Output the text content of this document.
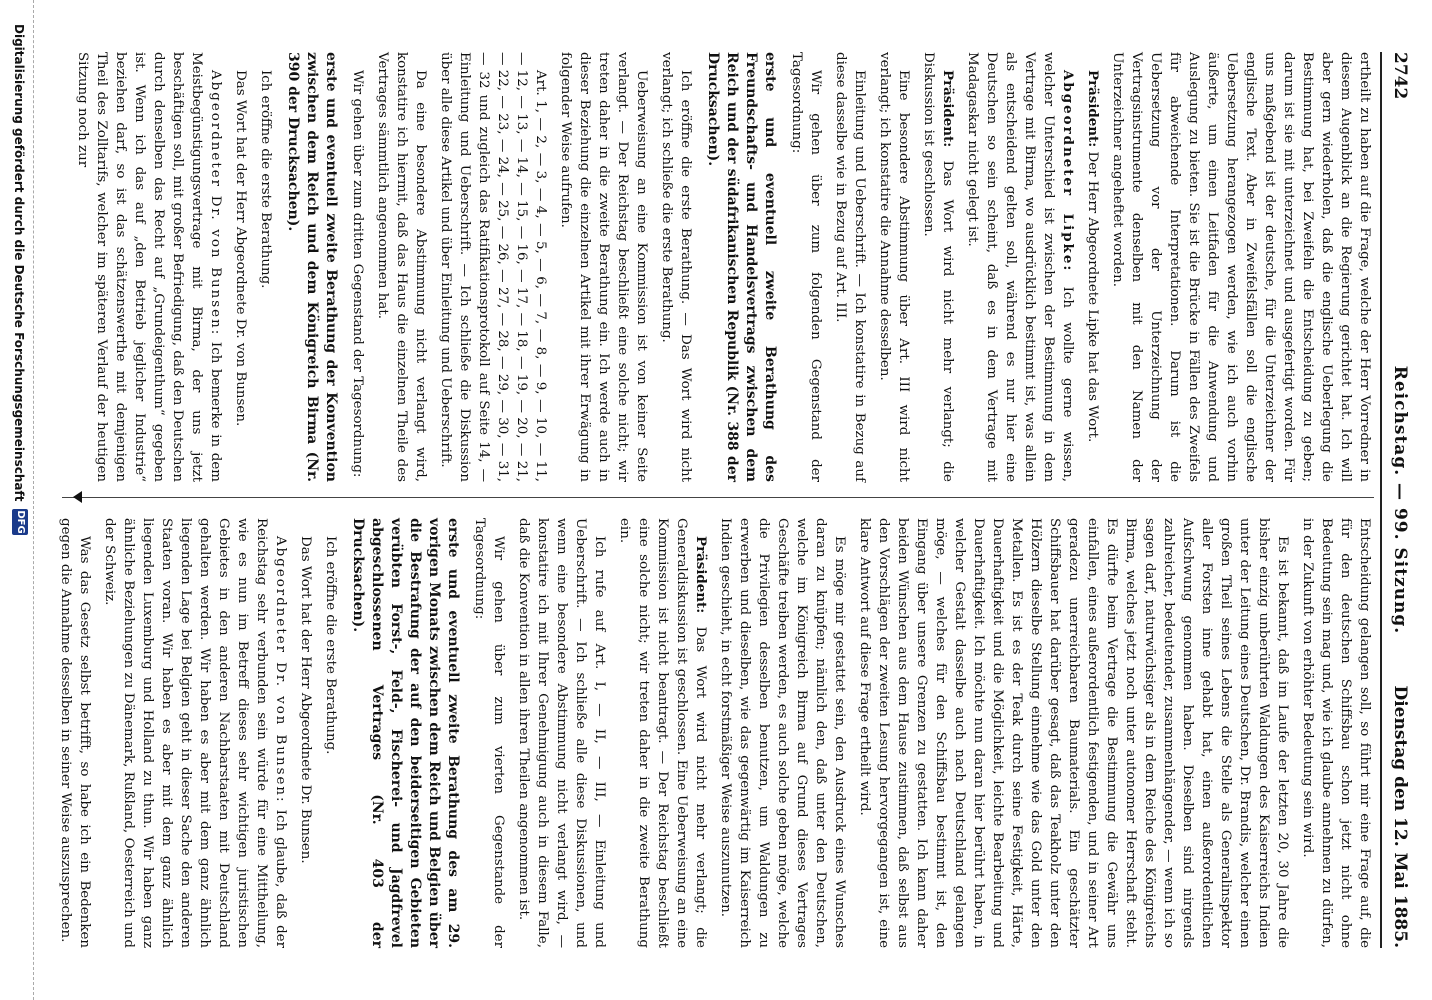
2742
Reichstag. — 99. Sitzung.
Dienstag den 12. Mai 1885.

ertheilt zu haben auf die Frage, welche der Herr Vorredner in diesem Augenblick an die Regierung gerichtet hat. Ich will aber gern wiederholen, daß die englische Ueberlegung die Bestimmung hat, bei Zweifeln die Entscheidung zu geben; darum ist sie mit unterzeichnet und ausgefertigt worden. Für uns maßgebend ist der deutsche, für die Unterzeichner der englische Text. Aber in Zweifelsfällen soll die englische Uebersetzung herangezogen werden, wie ich auch vorhin äußerte, um einen Leitfaden für die Anwendung und Auslegung zu bieten. Sie ist die Brücke in Fällen des Zweifels für abweichende Interpretationen. Darum ist die Uebersetzung vor der Unterzeichnung der Vertragsinstrumente denselben mit den Namen der Unterzeichner angeheftet worden.

Präsident: Der Herr Abgeordnete Lipke hat das Wort.

Abgeordneter Lipke: Ich wollte gerne wissen, welcher Unterschied ist zwischen der Bestimmung in dem Vertrage mit Birma, wo ausdrücklich bestimmt ist, was allein als entscheidend gelten soll, während es nur hier eine Deutschen so sein scheint, daß es in dem Vertrage mit Madagaskar nicht gelegt ist.

Präsident: Das Wort wird nicht mehr verlangt; die Diskussion ist geschlossen.

Eine besondere Abstimmung über Art. III wird nicht verlangt; ich konstatire die Annahme desselben.

Einleitung und Ueberschrift. — Ich konstatire in Bezug auf diese dasselbe wie in Bezug auf Art. III.

Wir gehen über zum folgenden Gegenstand der Tagesordnung:

erste und eventuell zweite Berathung des Freundschafts- und Handelsvertrags zwischen dem Reich und der südafrikanischen Republik (Nr. 388 der Drucksachen).

Ich eröffne die erste Berathung. — Das Wort wird nicht verlangt; ich schließe die erste Berathung.

Ueberweisung an eine Kommission ist von keiner Seite verlangt. — Der Reichstag beschließt eine solche nicht; wir treten daher in die zweite Berathung ein. Ich werde auch in dieser Beziehung die einzelnen Artikel mit ihrer Erwägung in folgender Weise aufrufen.

Art. 1, — 2, — 3, — 4, — 5, — 6, — 7, — 8, — 9, — 10, — 11, — 12, — 13, — 14, — 15, — 16, — 17, — 18, — 19, — 20, — 21, — 22, — 23, — 24, — 25, — 26, — 27, — 28, — 29, — 30, — 31, — 32 und zugleich das Ratifikationsprotokoll auf Seite 14, — Einleitung und Ueberschrift. — Ich schließe die Diskussion über alle diese Artikel und über Einleitung und Ueberschrift.

Da eine besondere Abstimmung nicht verlangt wird, konstatire ich hiermit, daß das Haus die einzelnen Theile des Vertrages sämmtlich angenommen hat.

Wir gehen über zum dritten Gegenstand der Tagesordnung:

erste und eventuell zweite Berathung der Konvention zwischen dem Reich und dem Königreich Birma (Nr. 390 der Drucksachen).

Ich eröffne die erste Berathung.

Das Wort hat der Herr Abgeordnete Dr. von Bunsen.

Abgeordneter Dr. von Bunsen: Ich bemerke in dem Meistbegünstigungsvertrage mit Birma, der uns jetzt beschäftigen soll, mit großer Befriedigung, daß den Deutschen durch denselben das Recht auf „Grundeigenthum“ gegeben ist. Wenn ich das auf „den Betrieb jeglicher Industrie“ beziehen darf, so ist das schätzenswerthe mit demjenigen Theil des Zolltarifs, welcher im späteren Verlauf der heutigen Sitzung noch zur

Entscheidung gelangen soll, so führt mir eine Frage auf, die für den deutschen Schiffsbau schon jetzt nicht ohne Bedeutung sein mag und, wie ich glaube annehmen zu dürfen, in der Zukunft von erhöhter Bedeutung sein wird.

Es ist bekannt, daß im Laufe der letzten 20, 30 Jahre die bisher einzig unberührten Waldungen des Kaiserreichs Indien unter der Leitung eines Deutschen, Dr. Brandis, welcher einen großen Theil seines Lebens die Stelle als Generalinspektor aller Forsten inne gehabt hat, einen außerordentlichen Aufschwung genommen haben. Dieselben sind nirgends zahlreicher, bedeutender, zusammenhängender, — wenn ich so sagen darf, naturwüchsiger als in dem Reiche des Königreichs Birma, welches jetzt noch unter autonomer Herrschaft steht. Es dürfte beim Vertrage die Bestimmung die Gewähr uns einfallen, eines außerordentlich festigenden, und in seiner Art geradezu unerreichbaren Baumaterials. Ein geschätzter Schiffsbauer hat darüber gesagt, daß das Teakholz unter den Hölzern dieselbe Stellung einnehme wie das Gold unter den Metallen. Es ist es der Teak durch seine Festigkeit, Härte, Dauerhaftigkeit und die Möglichkeit, leichte Bearbeitung und Dauerhaftigkeit. Ich möchte nun daran hier berührt haben, in welcher Gestalt dasselbe auch nach Deutschland gelangen möge, — welches für den Schiffsbau bestimmt ist, den Eingang über unsere Grenzen zu gestatten. Ich kann daher beiden Wünschen aus dem Hause zustimmen, daß selbst aus den Vorschlägen der zweiten Lesung hervorgegangen ist, eine klare Antwort auf diese Frage ertheilt wird.

Es möge mir gestattet sein, den Ausdruck eines Wunsches daran zu knüpfen; nämlich den, daß unter den Deutschen, welche im Königreich Birma auf Grund dieses Vertrages Geschäfte treiben werden, es auch solche geben möge, welche die Privilegien desselben benutzen, um Waldungen zu erwerben und dieselben, wie das gegenwärtig im Kaiserreich Indien geschieht, in echt forstmäßiger Weise auszunutzen.

Präsident: Das Wort wird nicht mehr verlangt; die Generaldiskussion ist geschlossen. Eine Ueberweisung an eine Kommission ist nicht beantragt. — Der Reichstag beschließt eine solche nicht; wir treten daher in die zweite Berathung ein.

Ich rufe auf Art. I, — II, — III, — Einleitung und Ueberschrift. — Ich schließe alle diese Diskussionen, und wenn eine besondere Abstimmung nicht verlangt wird, — konstatire ich mit Ihrer Genehmigung auch in diesem Falle, daß die Konvention in allen ihren Theilen angenommen ist.

Wir gehen über zum vierten Gegenstande der Tagesordnung:

erste und eventuell zweite Berathung des am 29. vorigen Monats zwischen dem Reich und Belgien über die Bestrafung der auf den beiderseitigen Gebieten verübten Forst-, Feld-, Fischerei- und Jagdfrevel abgeschlossenen Vertrages (Nr. 403 der Drucksachen).

Ich eröffne die erste Berathung.

Das Wort hat der Herr Abgeordnete Dr. Bunsen.

Abgeordneter Dr. von Bunsen: Ich glaube, daß der Reichstag sehr verbunden sein würde für eine Mittheilung, wie es nun im Betreff dieses sehr wichtigen juristischen Gebietes in den anderen Nachbarstaaten mit Deutschland gehalten werden. Wir haben es aber mit dem ganz ähnlich liegenden Lage bei Belgien geht in dieser Sache den anderen Staaten voran. Wir haben es aber mit dem ganz ähnlich liegenden Luxemburg und Holland zu thun. Wir haben ganz ähnliche Beziehungen zu Dänemark, Rußland, Oesterreich und der Schweiz.

Was das Gesetz selbst betrifft, so habe ich ein Bedenken gegen die Annahme desselben in seiner Weise auszusprechen.

Digitalisierung gefördert durch die Deutsche Forschungsgemeinschaft
DFG
